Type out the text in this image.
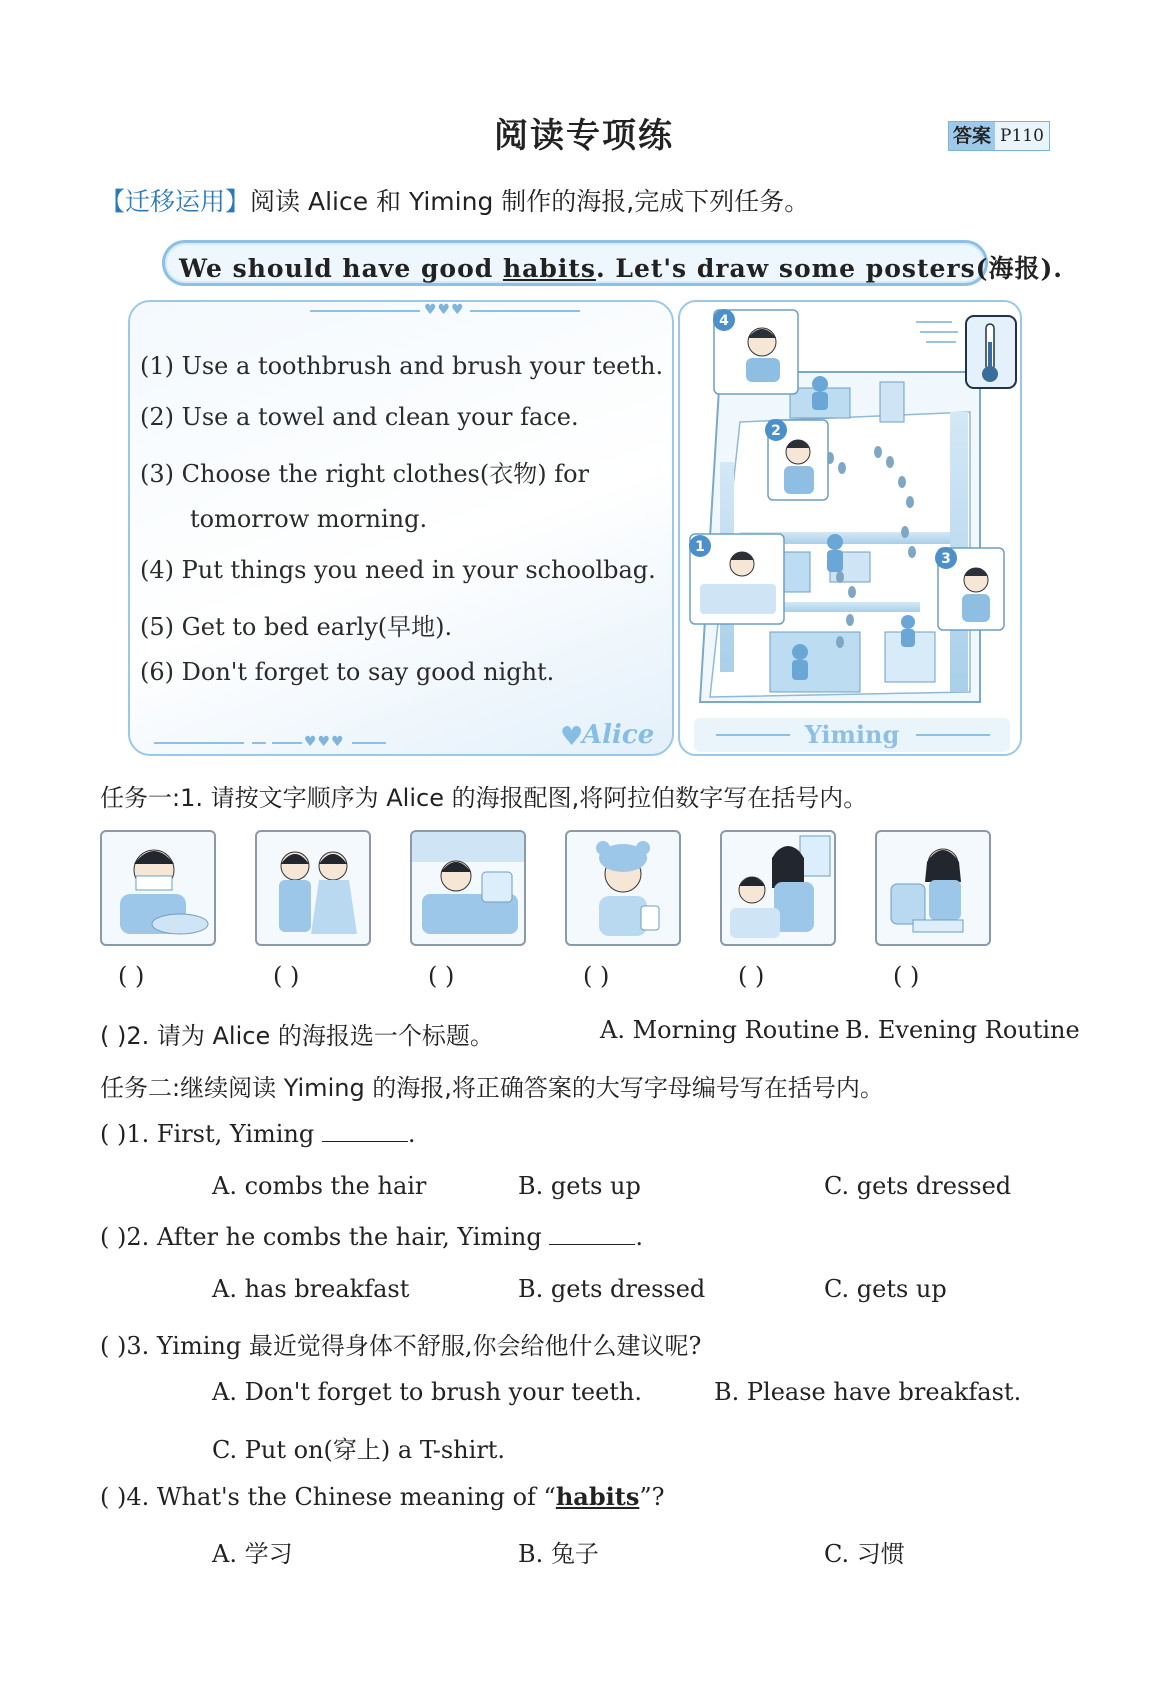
阅读专项练	答案 P110
【迁移运用】阅读 Alice 和 Yiming 制作的海报,完成下列任务。
We should have good habits. Let's draw some posters(海报).
♥♥♥
(1) Use a toothbrush and brush your teeth.
(2) Use a towel and clean your face.
(3) Choose the right clothes(衣物) for
tomorrow morning.
(4) Put things you need in your schoolbag.
(5) Get to bed early(早地).
(6) Don't forget to say good night.
♥♥♥	♥
Alice
4
2
1
3
Yiming
任务一:1. 请按文字顺序为 Alice 的海报配图,将阿拉伯数字写在括号内。
( )	( )	( )	( )	( )	( )
( )2. 请为 Alice 的海报选一个标题。	A. Morning Routine B. Evening Routine
任务二:继续阅读 Yiming 的海报,将正确答案的大写字母编号写在括号内。
( )1. First, Yiming	.
A. combs the hair	B. gets up	C. gets dressed
( )2. After he combs the hair, Yiming	.
A. has breakfast	B. gets dressed	C. gets up
( )3. Yiming 最近觉得身体不舒服,你会给他什么建议呢?
A. Don't forget to brush your teeth.	B. Please have breakfast.
C. Put on(穿上) a T-shirt.
( )4. What's the Chinese meaning of “habits”?
A. 学习	B. 兔子	C. 习惯
